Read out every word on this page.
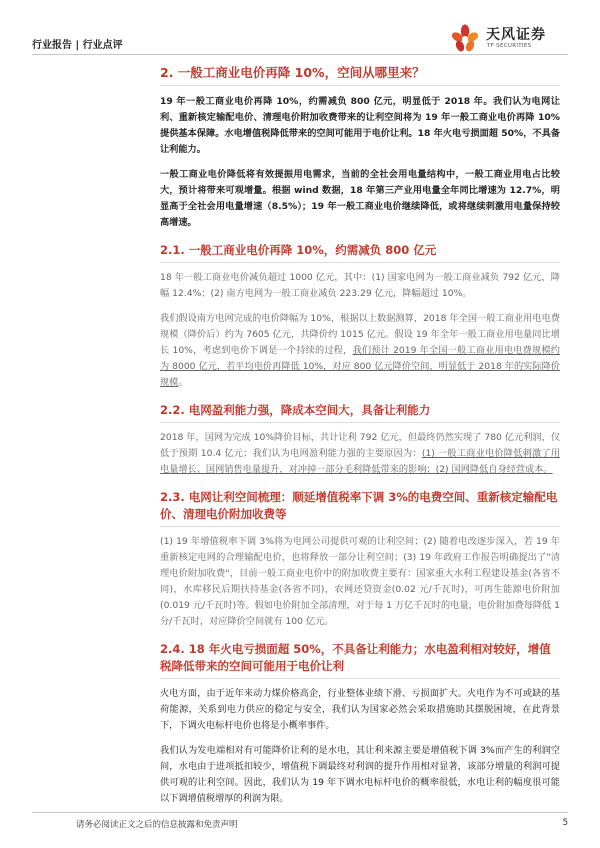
行业报告 | 行业点评
天风证券
TF SECURITIES
2. 一般工商业电价再降 10%，空间从哪里来？

19 年一般工商业电价再降 10%，约需减负 800 亿元，明显低于 2018 年。我们认为电网让利、重新核定输配电价、清理电价附加收费带来的让利空间将为 19 年一般工商业电价再降 10%提供基本保障。水电增值税降低带来的空间可能用于电价让利。18 年火电亏损面超 50%，不具备让利能力。

一般工商业电价降低将有效提振用电需求，当前的全社会用电量结构中，一般工商业用电占比较大，预计将带来可观增量。根据 wind 数据，18 年第三产业用电量全年同比增速为 12.7%，明显高于全社会用电量增速（8.5%）；19 年一般工商业电价继续降低，或将继续刺激用电量保持较高增速。

2.1. 一般工商业电价再降 10%，约需减负 800 亿元

18 年一般工商业电价减负超过 1000 亿元，其中：(1) 国家电网为一般工商业减负 792 亿元，降幅 12.4%；(2) 南方电网为一般工商业减负 223.29 亿元，降幅超过 10%。

我们假设南方电网完成的电价降幅为 10%，根据以上数据测算，2018 年全国一般工商业用电电费规模（降价后）约为 7605 亿元，共降价约 1015 亿元。假设 19 年全年一般工商业用电量同比增长 10%，考虑到电价下调是一个持续的过程，我们预计 2019 年全国一般工商业用电电费规模约为 8000 亿元，若平均电价再降低 10%，对应 800 亿元降价空间，明显低于 2018 年的实际降价规模。

2.2. 电网盈利能力强，降成本空间大，具备让利能力

2018 年，国网为完成 10%降价目标，共计让利 792 亿元，但最终仍然实现了 780 亿元利润，仅低于预期 10.4 亿元；我们认为电网盈利能力强的主要原因为：(1) 一般工商业电价降低刺激了用电量增长、国网销售电量提升，对冲掉一部分毛利降低带来的影响；(2) 国网降低自身经营成本。

2.3. 电网让利空间梳理：顺延增值税率下调 3%的电费空间、重新核定输配电价、清理电价附加收费等

(1) 19 年增值税率下调 3%将为电网公司提供可观的让利空间；(2) 随着电改逐步深入，若 19 年重新核定电网的合理输配电价，也将释放一部分让利空间；(3) 19 年政府工作报告明确提出了"清理电价附加收费"，目前一般工商业电价中的附加收费主要有：国家重大水利工程建设基金(各省不同)，水库移民后期扶持基金(各省不同)，农网还贷资金(0.02 元/千瓦时)，可再生能源电价附加(0.019 元/千瓦时)等。假如电价附加全部清理，对于每 1 万亿千瓦时的电量，电价附加费每降低 1 分/千瓦时，对应降价空间就有 100 亿元。

2.4. 18 年火电亏损面超 50%，不具备让利能力；水电盈利相对较好，增值税降低带来的空间可能用于电价让利

火电方面，由于近年来动力煤价格高企，行业整体业绩下滑、亏损面扩大。火电作为不可或缺的基荷能源，关系到电力供应的稳定与安全，我们认为国家必然会采取措施助其摆脱困境，在此背景下，下调火电标杆电价也将是小概率事件。

我们认为发电端相对有可能降价让利的是水电，其让利来源主要是增值税下调 3%而产生的利润空间，水电由于进项抵扣较少，增值税下调最终对利润的提升作用相对显著，该部分增量的利润可提供可观的让利空间。因此，我们认为 19 年下调水电标杆电价的概率很低，水电让利的幅度很可能以下调增值税增厚的利润为限。

请务必阅读正文之后的信息披露和免责声明	5
